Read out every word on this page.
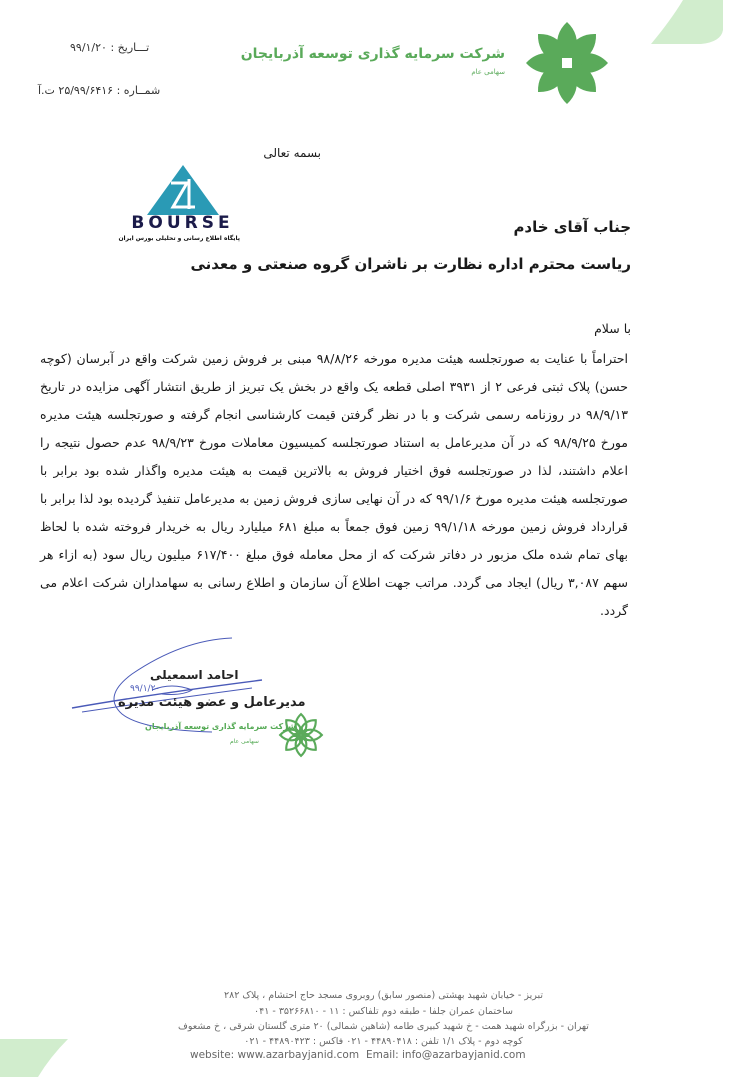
شرکت سرمایه گذاری توسعه آذربایجان
سهامی عام
تـــاریخ : ۹۹/۱/۲۰
شمــاره : ۲۵/۹۹/۶۴۱۶ ت.آ
بسمه تعالی
BOURSE
پایگاه اطلاع رسانی و تحلیلی بورس ایران
جناب آقای خادم
ریاست محترم اداره نظارت بر ناشران گروه صنعتی و معدنی
با سلام
احتراماً با عنایت به صورتجلسه هیئت مدیره مورخه ۹۸/۸/۲۶ مبنی بر فروش زمین شرکت واقع در آبرسان (کوچه حسن) پلاک ثبتی فرعی ۲ از ۳۹۳۱ اصلی قطعه یک واقع در بخش یک تبریز از طریق انتشار آگهی مزایده در تاریخ ۹۸/۹/۱۳ در روزنامه رسمی شرکت و با در نظر گرفتن قیمت کارشناسی انجام گرفته و صورتجلسه هیئت مدیره مورخ ۹۸/۹/۲۵ که در آن مدیرعامل به استناد صورتجلسه کمیسیون معاملات مورخ ۹۸/۹/۲۳ عدم حصول نتیجه را اعلام داشتند، لذا در صورتجلسه فوق اختیار فروش به بالاترین قیمت به هیئت مدیره واگذار شده بود برابر با صورتجلسه هیئت مدیره مورخ ۹۹/۱/۶ که در آن نهایی سازی فروش زمین به مدیرعامل تنفیذ گردیده بود لذا برابر با قرارداد فروش زمین مورخه ۹۹/۱/۱۸ زمین فوق جمعاً به مبلغ ۶۸۱ میلیارد ریال به خریدار فروخته شده با لحاظ بهای تمام شده ملک مزبور در دفاتر شرکت که از محل معامله فوق مبلغ ۶۱۷/۴۰۰ میلیون ریال سود (به ازاء هر سهم ۳,۰۸۷ ریال) ایجاد می گردد. مراتب جهت اطلاع آن سازمان و اطلاع رسانی به سهامداران شرکت اعلام می گردد.
احامد اسمعیلی
۹۹/۱/۲۰
مدیرعامل و عضو هیئت مدیره
شرکت سرمایه گذاری توسعه آذربایجان
سهامی عام
تبریز - خیابان شهید بهشتی (منصور سابق) روبروی مسجد حاج احتشام ، پلاک ۲۸۲
ساختمان عمران جلفا - طبقه دوم تلفاکس : ۱۱ - ۳۵۲۶۶۸۱۰ - ۰۴۱
تهران - بزرگراه شهید همت - خ شهید کبیری طامه (شاهین شمالی) ۲۰ متری گلستان شرقی ، خ مشعوف
کوچه دوم - پلاک ۱/۱ تلفن : ۴۴۸۹۰۴۱۸ - ۰۲۱ فاکس : ۴۴۸۹۰۴۲۳ - ۰۲۱
website: www.azarbayjanid.com Email: info@azarbayjanid.com
